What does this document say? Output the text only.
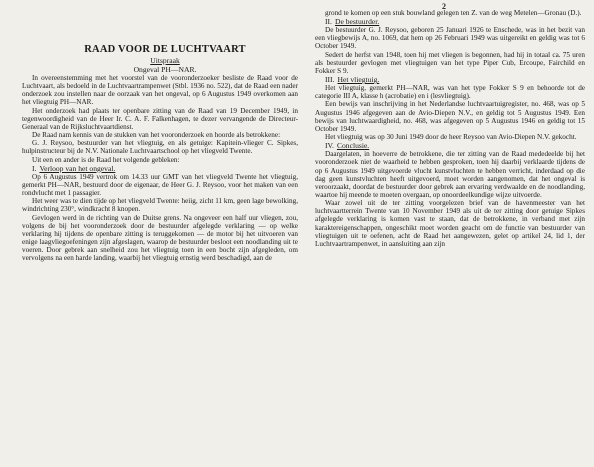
2

RAAD VOOR DE LUCHTVAART

Uitspraak

Ongeval PH—NAR.

In overeenstemming met het voorstel van de vooronderzoeker besliste de Raad voor de Luchtvaart, als bedoeld in de Luchtvaartrampenwet (Stbl. 1936 no. 522), dat de Raad een nader onderzoek zou instellen naar de oorzaak van het ongeval, op 6 Augustus 1949 overkomen aan het vliegtuig PH—NAR.

Het onderzoek had plaats ter openbare zitting van de Raad van 19 December 1949, in tegenwoordigheid van de Heer Ir. C. A. F. Falkenhagen, te dezer vervangende de Directeur-Generaal van de Rijksluchtvaartdienst.

De Raad nam kennis van de stukken van het vooronderzoek en hoorde als betrokkene:

G. J. Reysoo, bestuurder van het vliegtuig, en als getuige: Kapitein-vlieger C. Sipkes, hulpinstructeur bij de N.V. Nationale Luchtvaartschool op het vliegveld Twente.

Uit een en ander is de Raad het volgende gebleken:

I. Verloop van het ongeval.

Op 6 Augustus 1949 vertrok om 14.33 uur GMT van het vliegveld Twente het vliegtuig, gemerkt PH—NAR, bestuurd door de eigenaar, de Heer G. J. Reysoo, voor het maken van een rondvlucht met 1 passagier.

Het weer was te dien tijde op het vliegveld Twente: heiig, zicht 11 km, geen lage bewolking, windrichting 230°, windkracht 8 knopen.

Gevlogen werd in de richting van de Duitse grens. Na ongeveer een half uur vliegen, zou, volgens de bij het vooronderzoek door de bestuurder afgelegde verklaring — op welke verklaring hij tijdens de openbare zitting is teruggekomen — de motor bij het uitvoeren van enige laagvliegoefeningen zijn afgeslagen, waarop de bestuurder besloot een noodlanding uit te voeren. Door gebrek aan snelheid zou het vliegtuig toen in een bocht zijn afgegleden, om vervolgens na een harde landing, waarbij het vliegtuig ernstig werd beschadigd, aan de

grond te komen op een stuk bouwland gelegen ten Z. van de weg Metelen—Gronau (D.).

II. De bestuurder.

De bestuurder G. J. Reysoo, geboren 25 Januari 1926 te Enschede, was in het bezit van een vliegbewijs A, no. 1069, dat hem op 26 Februari 1949 was uitgereikt en geldig was tot 6 October 1949.

Sedert de herfst van 1948, toen hij met vliegen is begonnen, had hij in totaal ca. 75 uren als bestuurder gevlogen met vliegtuigen van het type Piper Cub, Ercoupe, Fairchild en Fokker S 9.

III. Het vliegtuig.

Het vliegtuig, gemerkt PH—NAR, was van het type Fokker S 9 en behoorde tot de categorie III A, klasse h (acrobatie) en i (lesvliegtuig).

Een bewijs van inschrijving in het Nederlandse luchtvaartuigregister, no. 468, was op 5 Augustus 1946 afgegeven aan de Avio-Diepen N.V., en geldig tot 5 Augustus 1949. Een bewijs van luchtwaardigheid, no. 468, was afgegeven op 5 Augustus 1946 en geldig tot 15 October 1949.

Het vliegtuig was op 30 Juni 1949 door de heer Reysoo van Avio-Diepen N.V. gekocht.

IV. Conclusie.

Daargelaten, in hoeverre de betrokkene, die ter zitting van de Raad mededeelde bij het vooronderzoek niet de waarheid te hebben gesproken, toen hij daarbij verklaarde tijdens de op 6 Augustus 1949 uitgevoerde vlucht kunstvluchten te hebben verricht, inderdaad op die dag geen kunstvluchten heeft uitgevoerd, moet worden aangenomen, dat het ongeval is veroorzaakt, doordat de bestuurder door gebrek aan ervaring verdwaalde en de noodlanding, waartoe hij meende te moeten overgaan, op onoordeelkundige wijze uitvoerde.

Waar zowel uit de ter zitting voorgelezen brief van de havenmeester van het luchtvaartterrein Twente van 10 November 1949 als uit de ter zitting door getuige Sipkes afgelegde verklaring is komen vast te staan, dat de betrokkene, in verband met zijn karaktereigenschappen, ongeschikt moet worden geacht om de functie van bestuurder van vliegtuigen uit te oefenen, acht de Raad het aangewezen, gelet op artikel 24, lid 1, der Luchtvaartrampenwet, in aansluiting aan zijn
